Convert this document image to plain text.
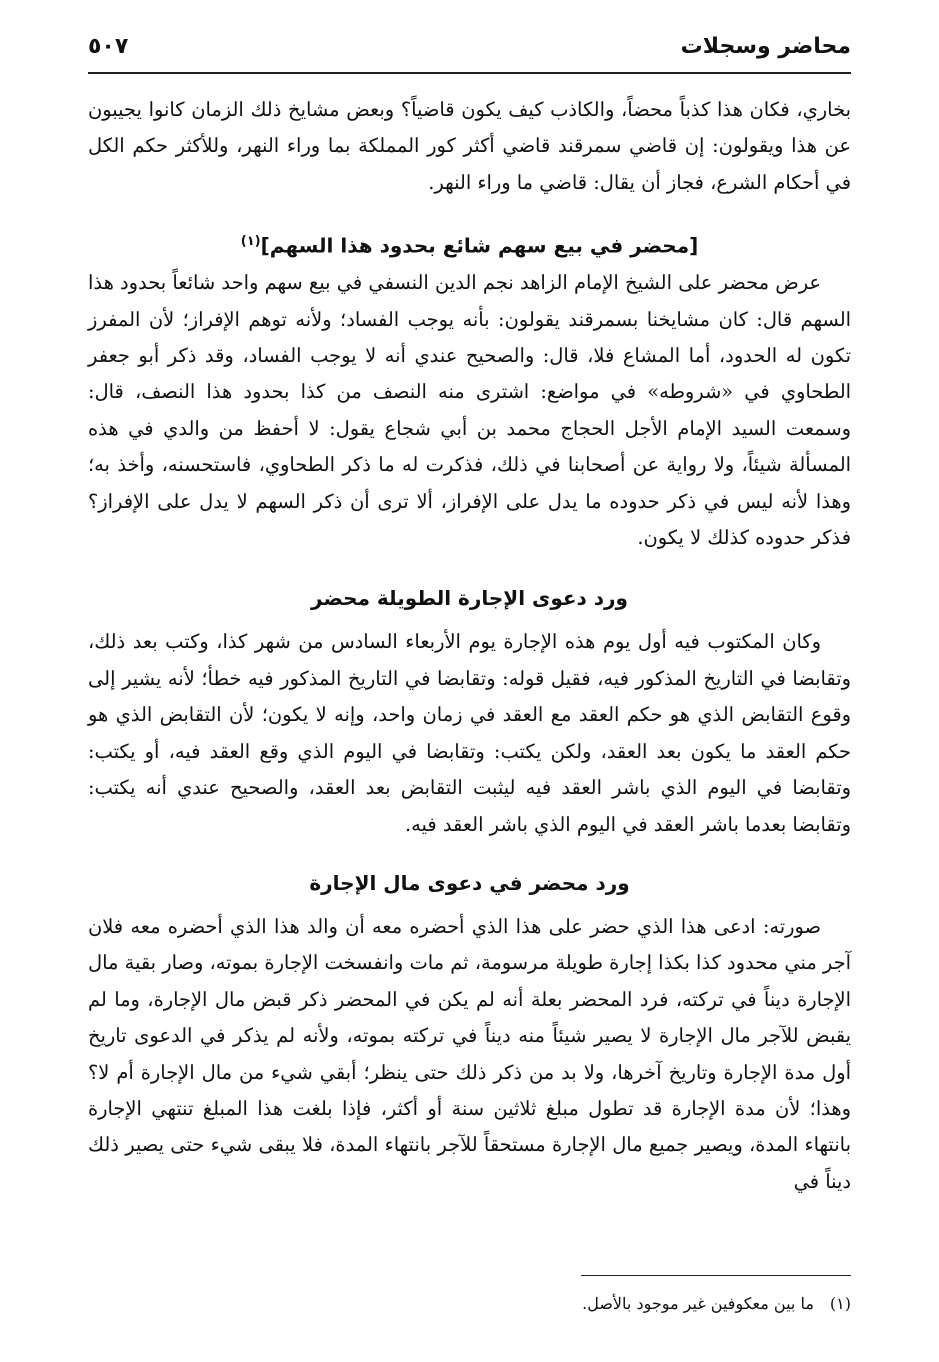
محاضر وسجلات
٥٠٧

بخاري، فكان هذا كذباً محضاً، والكاذب كيف يكون قاضياً؟ وبعض مشايخ ذلك الزمان كانوا يجيبون عن هذا ويقولون: إن قاضي سمرقند قاضي أكثر كور المملكة بما وراء النهر، وللأكثر حكم الكل في أحكام الشرع، فجاز أن يقال: قاضي ما وراء النهر.

[محضر في بيع سهم شائع بحدود هذا السهم]$^{(١)}$

عرض محضر على الشيخ الإمام الزاهد نجم الدين النسفي في بيع سهم واحد شائعاً بحدود هذا السهم قال: كان مشايخنا بسمرقند يقولون: بأنه يوجب الفساد؛ ولأنه توهم الإفراز؛ لأن المفرز تكون له الحدود، أما المشاع فلا، قال: والصحيح عندي أنه لا يوجب الفساد، وقد ذكر أبو جعفر الطحاوي في «شروطه» في مواضع: اشترى منه النصف من كذا بحدود هذا النصف، قال: وسمعت السيد الإمام الأجل الحجاج محمد بن أبي شجاع يقول: لا أحفظ من والدي في هذه المسألة شيئاً، ولا رواية عن أصحابنا في ذلك، فذكرت له ما ذكر الطحاوي، فاستحسنه، وأخذ به؛ وهذا لأنه ليس في ذكر حدوده ما يدل على الإفراز، ألا ترى أن ذكر السهم لا يدل على الإفراز؟ فذكر حدوده كذلك لا يكون.

ورد دعوى الإجارة الطويلة محضر

وكان المكتوب فيه أول يوم هذه الإجارة يوم الأربعاء السادس من شهر كذا، وكتب بعد ذلك، وتقابضا في التاريخ المذكور فيه، فقيل قوله: وتقابضا في التاريخ المذكور فيه خطأ؛ لأنه يشير إلى وقوع التقابض الذي هو حكم العقد مع العقد في زمان واحد، وإنه لا يكون؛ لأن التقابض الذي هو حكم العقد ما يكون بعد العقد، ولكن يكتب: وتقابضا في اليوم الذي وقع العقد فيه، أو يكتب: وتقابضا في اليوم الذي باشر العقد فيه ليثبت التقابض بعد العقد، والصحيح عندي أنه يكتب: وتقابضا بعدما باشر العقد في اليوم الذي باشر العقد فيه.

ورد محضر في دعوى مال الإجارة

صورته: ادعى هذا الذي حضر على هذا الذي أحضره معه أن والد هذا الذي أحضره معه فلان آجر مني محدود كذا بكذا إجارة طويلة مرسومة، ثم مات وانفسخت الإجارة بموته، وصار بقية مال الإجارة ديناً في تركته، فرد المحضر بعلة أنه لم يكن في المحضر ذكر قبض مال الإجارة، وما لم يقبض للآجر مال الإجارة لا يصير شيئاً منه ديناً في تركته بموته، ولأنه لم يذكر في الدعوى تاريخ أول مدة الإجارة وتاريخ آخرها، ولا بد من ذكر ذلك حتى ينظر؛ أبقي شيء من مال الإجارة أم لا؟ وهذا؛ لأن مدة الإجارة قد تطول مبلغ ثلاثين سنة أو أكثر، فإذا بلغت هذا المبلغ تنتهي الإجارة بانتهاء المدة، ويصير جميع مال الإجارة مستحقاً للآجر بانتهاء المدة، فلا يبقى شيء حتى يصير ذلك ديناً في

(١)ما بين معكوفين غير موجود بالأصل.
